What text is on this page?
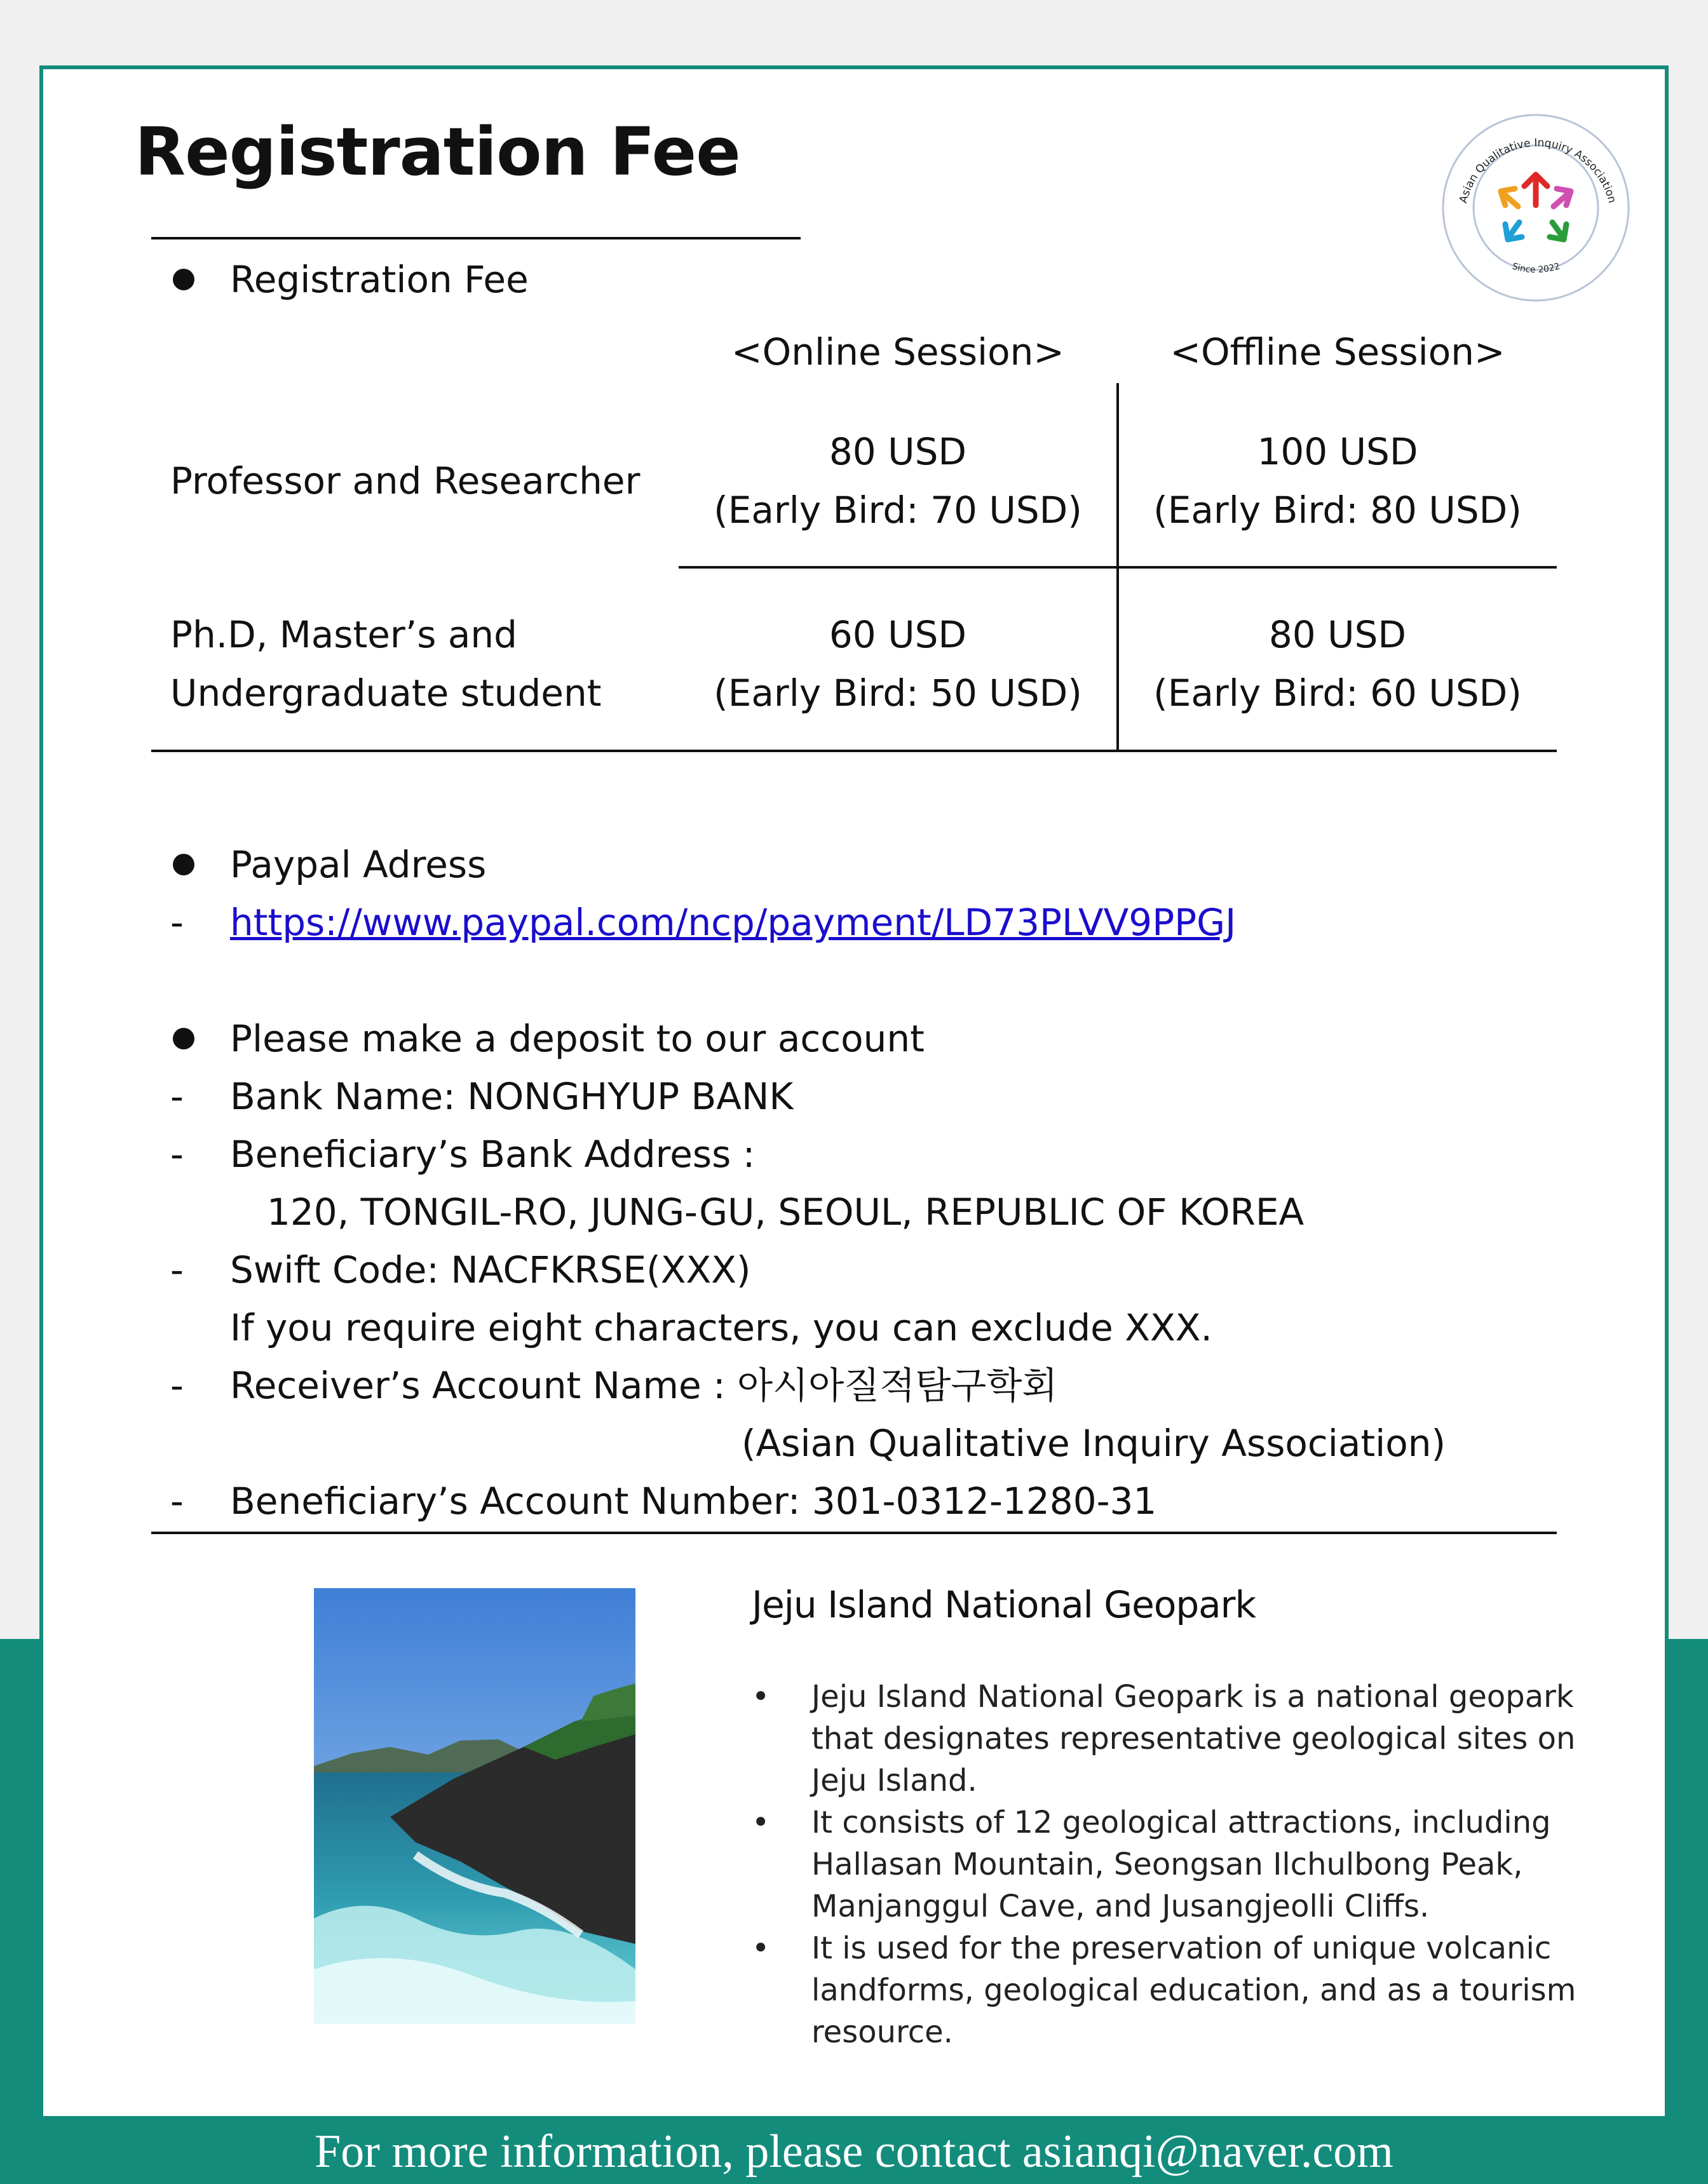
Registration Fee
Asian Qualitative Inquiry Association
Since 2022
Registration Fee
<Online Session>	<Offline Session>
Professor and Researcher
80 USD
(Early Bird: 70 USD)
100 USD
(Early Bird: 80 USD)
Ph.D, Master’s and
Undergraduate student
60 USD
(Early Bird: 50 USD)
80 USD
(Early Bird: 60 USD)
Paypal Adress
- https://www.paypal.com/ncp/payment/LD73PLVV9PPGJ
Please make a deposit to our account
- Bank Name: NONGHYUP BANK
- Beneficiary’s Bank Address :
120, TONGIL-RO, JUNG-GU, SEOUL, REPUBLIC OF KOREA
- Swift Code: NACFKRSE(XXX)
If you require eight characters, you can exclude XXX.
- Receiver’s Account Name : 아시아질적탐구학회
(Asian Qualitative Inquiry Association)
- Beneficiary’s Account Number: 301-0312-1280-31
Jeju Island National Geopark
• Jeju Island National Geopark is a national geopark that designates representative geological sites on Jeju Island.
• It consists of 12 geological attractions, including Hallasan Mountain, Seongsan Ilchulbong Peak, Manjanggul Cave, and Jusangjeolli Cliffs.
• It is used for the preservation of unique volcanic landforms, geological education, and as a tourism resource.
For more information, please contact asianqi@naver.com
